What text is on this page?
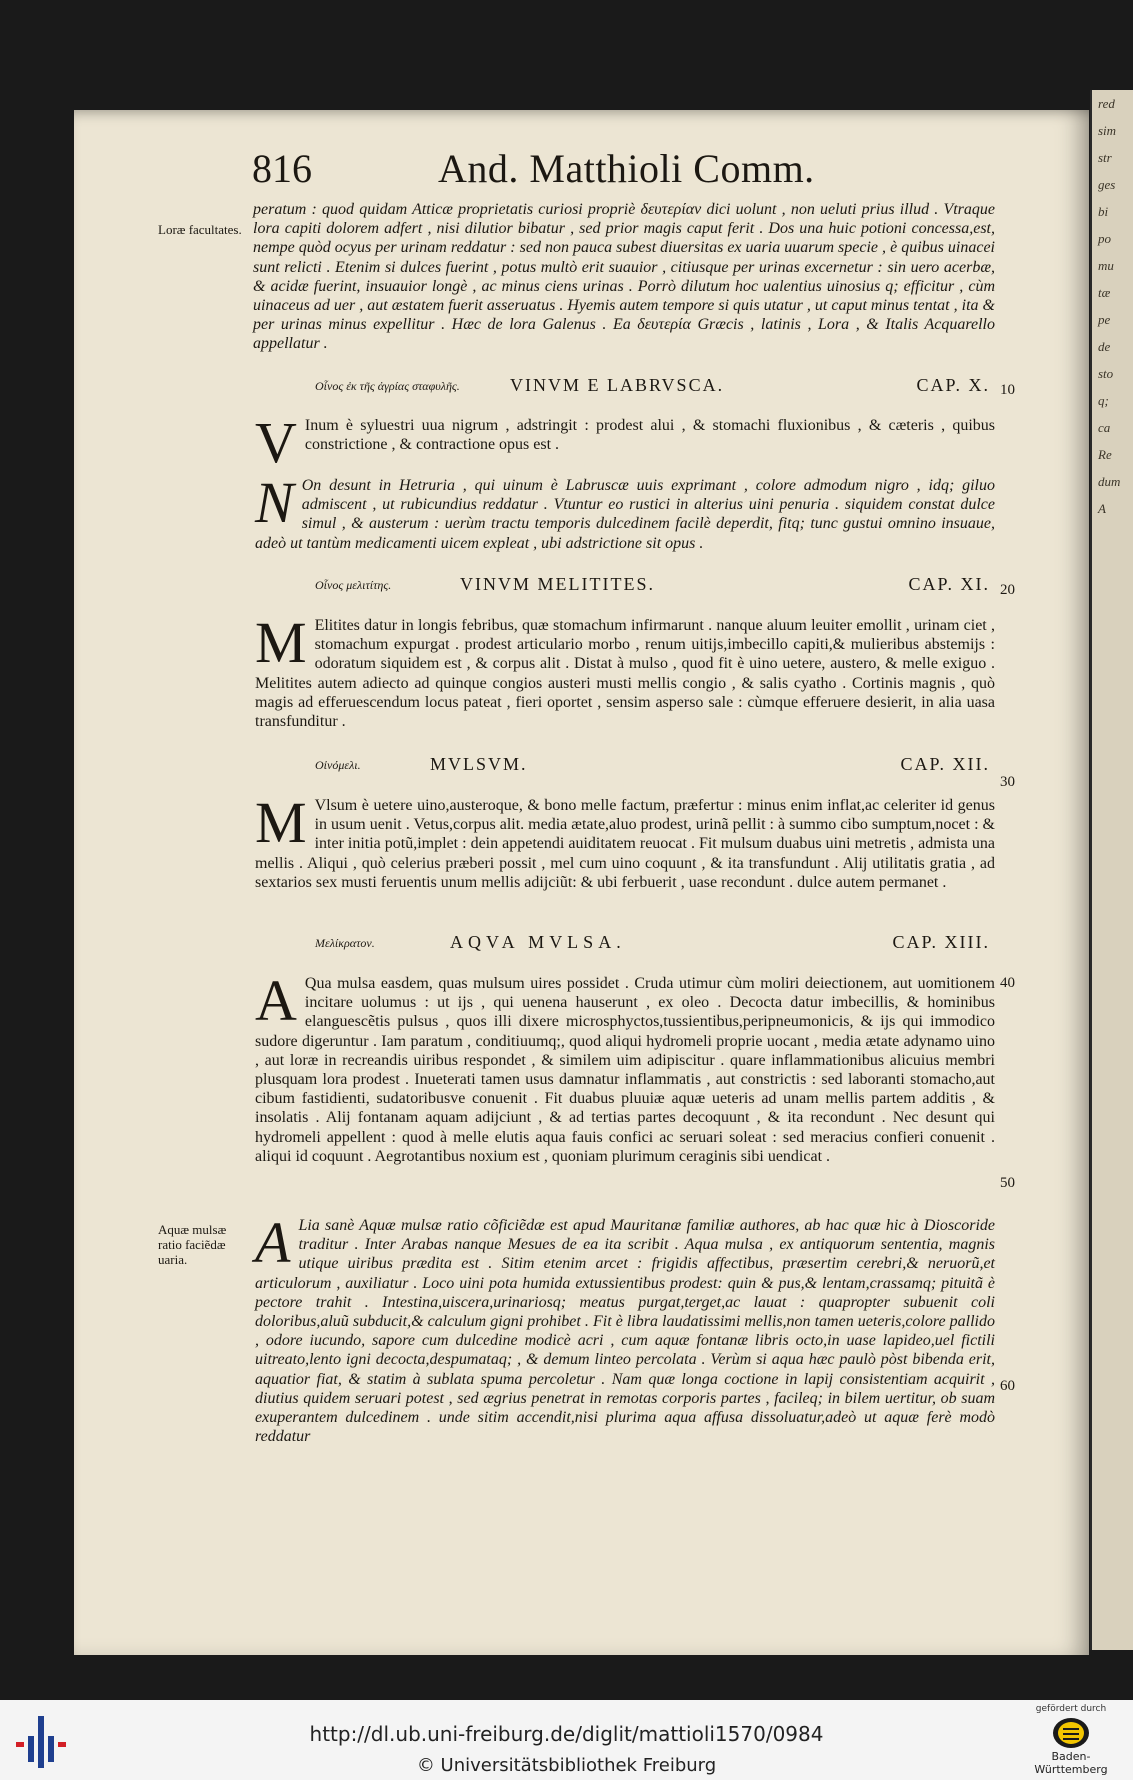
red
sim
str
ges
bi
po
mu
tæ
pe
de
sto
q;
ca
Re
dum
A
816	And. Matthioli Comm.
Loræ facultates.
Aquæ mulsæ ratio faciẽdæ uaria.
10
20
30
40
50
60
peratum : quod quidam Atticæ proprietatis curiosi propriè δευτερίαν dici uolunt , non ueluti prius illud . Vtraque lora capiti dolorem adfert , nisi dilutior bibatur , sed prior magis caput ferit . Dos una huic potioni concessa,est, nempe quòd ocyus per urinam reddatur : sed non pauca subest diuersitas ex uaria uuarum specie , è quibus uinacei sunt relicti . Etenim si dulces fuerint , potus multò erit suauior , citiusque per urinas excernetur : sin uero acerbæ, & acidæ fuerint, insuauior longè , ac minus ciens urinas . Porrò dilutum hoc ualentius uinosius q; efficitur , cùm uinaceus ad uer , aut æstatem fuerit asseruatus . Hyemis autem tempore si quis utatur , ut caput minus tentat , ita & per urinas minus expellitur . Hæc de lora Galenus . Ea δευτερία Græcis , latinis , Lora , & Italis Acquarello appellatur .
Οἶνος ἐκ τῆς ἀγρίας σταφυλῆς.	VINVM E LABRVSCA.	CAP. X.
V Inum è syluestri uua nigrum , adstringit : prodest alui , & stomachi fluxionibus , & cæteris , quibus constrictione , & contractione opus est .
N On desunt in Hetruria , qui uinum è Labruscæ uuis exprimant , colore admodum nigro , idq; giluo admiscent , ut rubicundius reddatur . Vtuntur eo rustici in alterius uini penuria . siquidem constat dulce simul , & austerum : uerùm tractu temporis dulcedinem facilè deperdit, fitq; tunc gustui omnino insuaue, adeò ut tantùm medicamenti uicem expleat , ubi adstrictione sit opus .
Οἶνος μελιτίτης.	VINVM MELITITES.	CAP. XI.
M Elitites datur in longis febribus, quæ stomachum infirmarunt . nanque aluum leuiter emollit , urinam ciet , stomachum expurgat . prodest articulario morbo , renum uitijs,imbecillo capiti,& mulieribus abstemijs : odoratum siquidem est , & corpus alit . Distat à mulso , quod fit è uino uetere, austero, & melle exiguo . Melitites autem adiecto ad quinque congios austeri musti mellis congio , & salis cyatho . Cortinis magnis , quò magis ad efferuescendum locus pateat , fieri oportet , sensim asperso sale : cùmque efferuere desierit, in alia uasa transfunditur .
Οἰνόμελι.	MVLSVM.	CAP. XII.
M Vlsum è uetere uino,austeroque, & bono melle factum, præfertur : minus enim inflat,ac celeriter id genus in usum uenit . Vetus,corpus alit. media ætate,aluo prodest, urinã pellit : à summo cibo sumptum,nocet : & inter initia potũ,implet : dein appetendi auiditatem reuocat . Fit mulsum duabus uini metretis , admista una mellis . Aliqui , quò celerius præberi possit , mel cum uino coquunt , & ita transfundunt . Alij utilitatis gratia , ad sextarios sex musti feruentis unum mellis adijciũt: & ubi ferbuerit , uase recondunt . dulce autem permanet .
Μελίκρατον.	AQVA MVLSA.	CAP. XIII.
A Qua mulsa easdem, quas mulsum uires possidet . Cruda utimur cùm moliri deiectionem, aut uomitionem incitare uolumus : ut ijs , qui uenena hauserunt , ex oleo . Decocta datur imbecillis, & hominibus elanguescẽtis pulsus , quos illi dixere microsphyctos,tussientibus,peripneumonicis, & ijs qui immodico sudore digeruntur . Iam paratum , conditiuumq;, quod aliqui hydromeli proprie uocant , media ætate adynamo uino , aut loræ in recreandis uiribus respondet , & similem uim adipiscitur . quare inflammationibus alicuius membri plusquam lora prodest . Inueterati tamen usus damnatur inflammatis , aut constrictis : sed laboranti stomacho,aut cibum fastidienti, sudatoribusve conuenit . Fit duabus pluuiæ aquæ ueteris ad unam mellis partem additis , & insolatis . Alij fontanam aquam adijciunt , & ad tertias partes decoquunt , & ita recondunt . Nec desunt qui hydromeli appellent : quod à melle elutis aqua fauis confici ac seruari soleat : sed meracius confieri conuenit . aliqui id coquunt . Aegrotantibus noxium est , quoniam plurimum ceraginis sibi uendicat .
A Lia sanè Aquæ mulsæ ratio cõficiẽdæ est apud Mauritanæ familiæ authores, ab hac quæ hic à Dioscoride traditur . Inter Arabas nanque Mesues de ea ita scribit . Aqua mulsa , ex antiquorum sententia, magnis utique uiribus prædita est . Sitim etenim arcet : frigidis affectibus, præsertim cerebri,& neruorũ,et articulorum , auxiliatur . Loco uini pota humida extussientibus prodest: quin & pus,& lentam,crassamq; pituitã è pectore trahit . Intestina,uiscera,urinariosq; meatus purgat,terget,ac lauat : quapropter subuenit coli doloribus,aluũ subducit,& calculum gigni prohibet . Fit è libra laudatissimi mellis,non tamen ueteris,colore pallido , odore iucundo, sapore cum dulcedine modicè acri , cum aquæ fontanæ libris octo,in uase lapideo,uel fictili uitreato,lento igni decocta,despumataq; , & demum linteo percolata . Verùm si aqua hæc paulò pòst bibenda erit, aquatior fiat, & statim à sublata spuma percoletur . Nam quæ longa coctione in lapij consistentiam acquirit , diutius quidem seruari potest , sed ægrius penetrat in remotas corporis partes , facileq; in bilem uertitur, ob suam exuperantem dulcedinem . unde sitim accendit,nisi plurima aqua affusa dissoluatur,adeò ut aquæ ferè modò reddatur
http://dl.ub.uni-freiburg.de/diglit/mattioli1570/0984
© Universitätsbibliothek Freiburg
gefördert durch
Baden-Württemberg
